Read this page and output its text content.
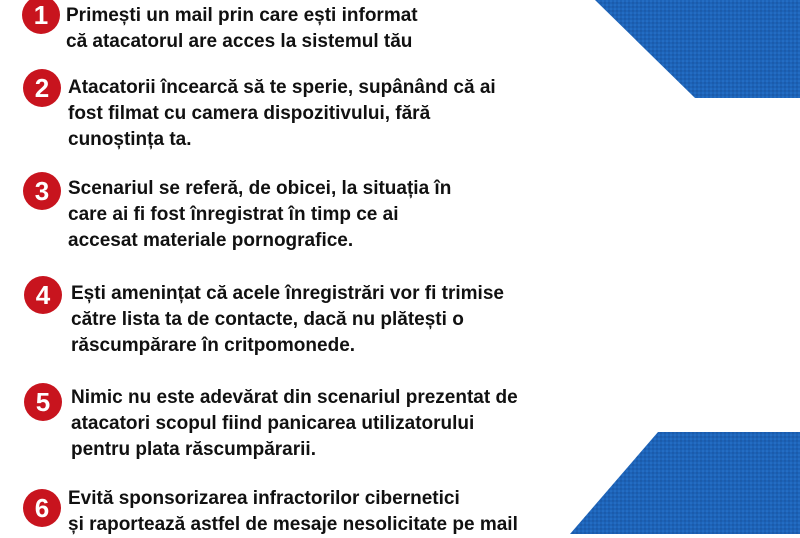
1 Primești un mail prin care ești informat
că atacatorul are acces la sistemul tău

2 Atacatorii încearcă să te sperie, supânând că ai
fost filmat cu camera dispozitivului, fără
cunoștința ta.

3 Scenariul se referă, de obicei, la situația în
care ai fi fost înregistrat în timp ce ai
accesat materiale pornografice.

4	Ești amenințat că acele înregistrări vor fi trimise
către lista ta de contacte, dacă nu plătești o
răscumpărare în critpomonede.

5	Nimic nu este adevărat din scenariul prezentat de
atacatori scopul fiind panicarea utilizatorului
pentru plata răscumpărarii.

6 Evită sponsorizarea infractorilor cibernetici
și raportează astfel de mesaje nesolicitate pe mail
